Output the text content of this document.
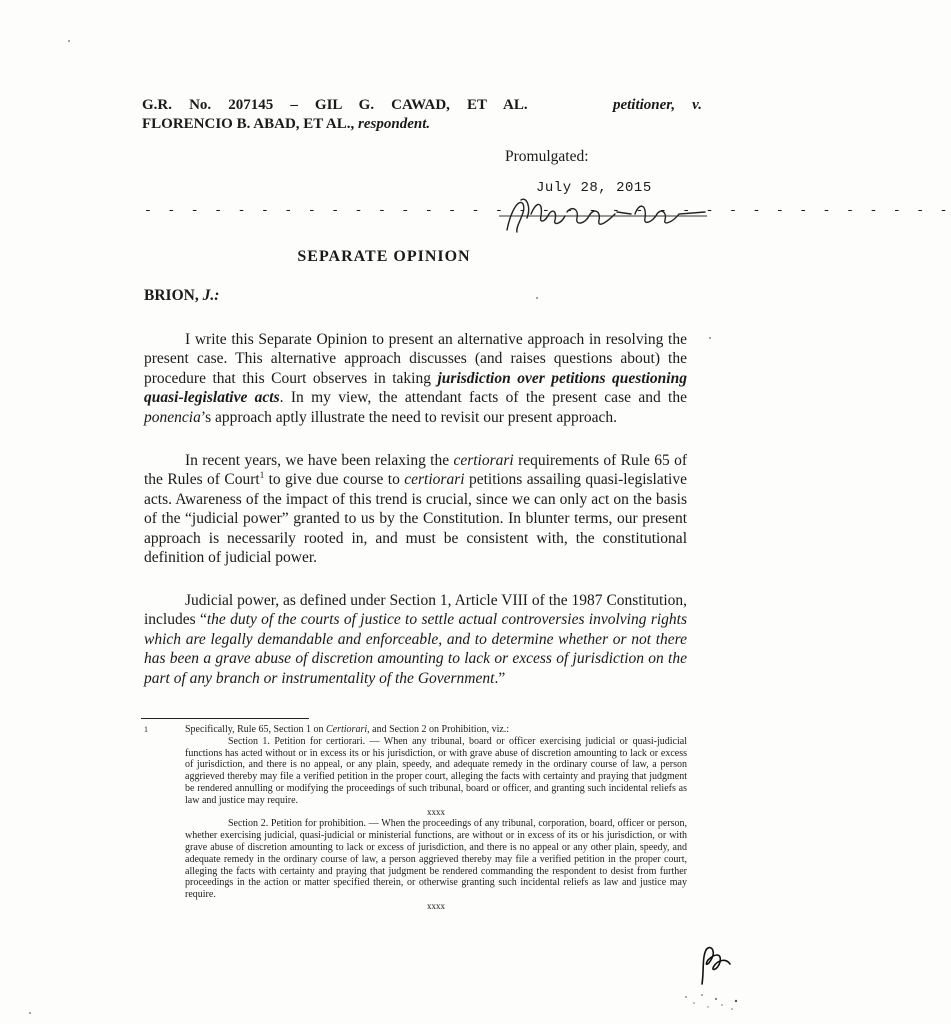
G.R. No. 207145 – GIL G. CAWAD, ET AL.	petitioner, v.
FLORENCIO B. ABAD, ET AL., respondent.
Promulgated:
July 28, 2015
- - - - - - - - - - - - - - - - - - - - - - - - - - - - - - - - - - -
SEPARATE OPINION
BRION, J.:

I write this Separate Opinion to present an alternative approach in resolving the present case. This alternative approach discusses (and raises questions about) the procedure that this Court observes in taking jurisdiction over petitions questioning quasi-legislative acts. In my view, the attendant facts of the present case and the ponencia’s approach aptly illustrate the need to revisit our present approach.

In recent years, we have been relaxing the certiorari requirements of Rule 65 of the Rules of Court$^1$ to give due course to certiorari petitions assailing quasi-legislative acts. Awareness of the impact of this trend is crucial, since we can only act on the basis of the “judicial power” granted to us by the Constitution. In blunter terms, our present approach is necessarily rooted in, and must be consistent with, the constitutional definition of judicial power.

Judicial power, as defined under Section 1, Article VIII of the 1987 Constitution, includes “the duty of the courts of justice to settle actual controversies involving rights which are legally demandable and enforceable, and to determine whether or not there has been a grave abuse of discretion amounting to lack or excess of jurisdiction on the part of any branch or instrumentality of the Government.”

1	Specifically, Rule 65, Section 1 on Certiorari, and Section 2 on Prohibition, viz.:

Section 1. Petition for certiorari. — When any tribunal, board or officer exercising judicial or quasi-judicial functions has acted without or in excess its or his jurisdiction, or with grave abuse of discretion amounting to lack or excess of jurisdiction, and there is no appeal, or any plain, speedy, and adequate remedy in the ordinary course of law, a person aggrieved thereby may file a verified petition in the proper court, alleging the facts with certainty and praying that judgment be rendered annulling or modifying the proceedings of such tribunal, board or officer, and granting such incidental reliefs as law and justice may require.

xxxx

Section 2. Petition for prohibition. — When the proceedings of any tribunal, corporation, board, officer or person, whether exercising judicial, quasi-judicial or ministerial functions, are without or in excess of its or his jurisdiction, or with grave abuse of discretion amounting to lack or excess of jurisdiction, and there is no appeal or any other plain, speedy, and adequate remedy in the ordinary course of law, a person aggrieved thereby may file a verified petition in the proper court, alleging the facts with certainty and praying that judgment be rendered commanding the respondent to desist from further proceedings in the action or matter specified therein, or otherwise granting such incidental reliefs as law and justice may require.

xxxx
